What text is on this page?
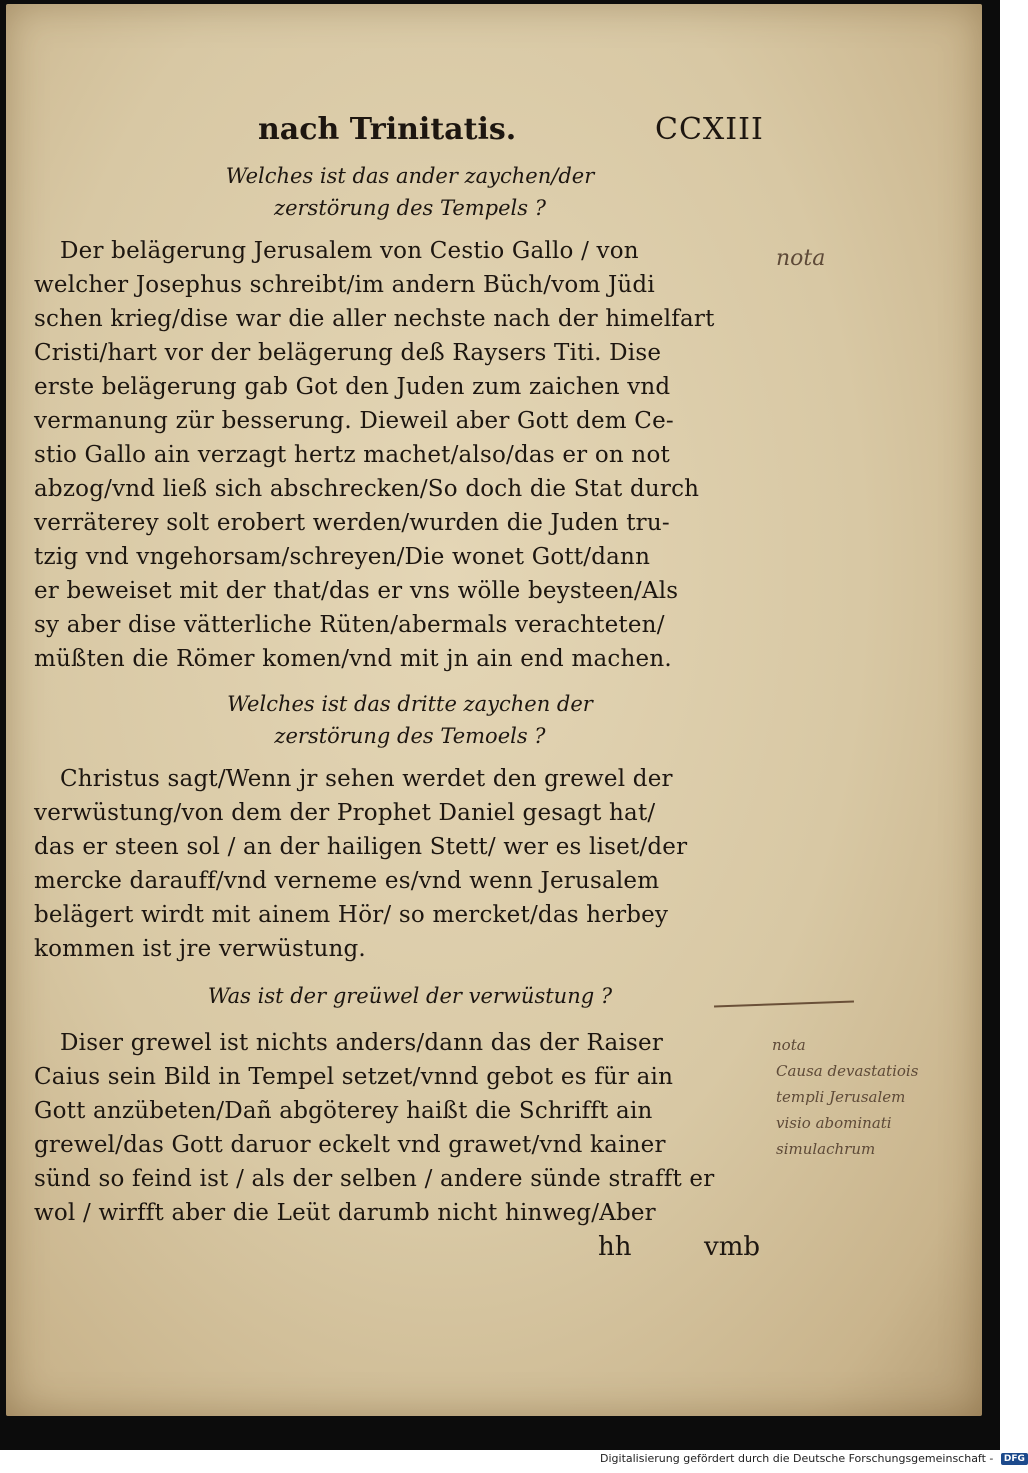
nach Trinitatis.	CCXIII
Welches ist das ander zaychen/der
zerstörung des Tempels ?
Der belägerung Jerusalem von Cestio Gallo / von
welcher Josephus schreibt/im andern Büch/vom Jüdi
schen krieg/dise war die aller nechste nach der himelfart
Cristi/hart vor der belägerung deß Raysers Titi. Dise
erste belägerung gab Got den Juden zum zaichen vnd
vermanung zür besserung. Dieweil aber Gott dem Ce-
stio Gallo ain verzagt hertz machet/also/das er on not
abzog/vnd ließ sich abschrecken/So doch die Stat durch
verräterey solt erobert werden/wurden die Juden tru-
tzig vnd vngehorsam/schreyen/Die wonet Gott/dann
er beweiset mit der that/das er vns wölle beysteen/Als
sy aber dise vätterliche Rüten/abermals verachteten/
müßten die Römer komen/vnd mit jn ain end machen.
Welches ist das dritte zaychen der
zerstörung des Temoels ?
Christus sagt/Wenn jr sehen werdet den grewel der
verwüstung/von dem der Prophet Daniel gesagt hat/
das er steen sol / an der hailigen Stett/ wer es liset/der
mercke darauff/vnd verneme es/vnd wenn Jerusalem
belägert wirdt mit ainem Hör/ so mercket/das herbey
kommen ist jre verwüstung.
Was ist der greüwel der verwüstung ?
Diser grewel ist nichts anders/dann das der Raiser
Caius sein Bild in Tempel setzet/vnnd gebot es für ain
Gott anzübeten/Dañ abgöterey haißt die Schrifft ain
grewel/das Gott daruor eckelt vnd grawet/vnd kainer
sünd so feind ist / als der selben / andere sünde strafft er
wol / wirfft aber die Leüt darumb nicht hinweg/Aber
hh	vmb
nota
nota
Causa devastatiois
templi Jerusalem
visio abominati
simulachrum
Digitalisierung gefördert durch die Deutsche Forschungsgemeinschaft - DFG
